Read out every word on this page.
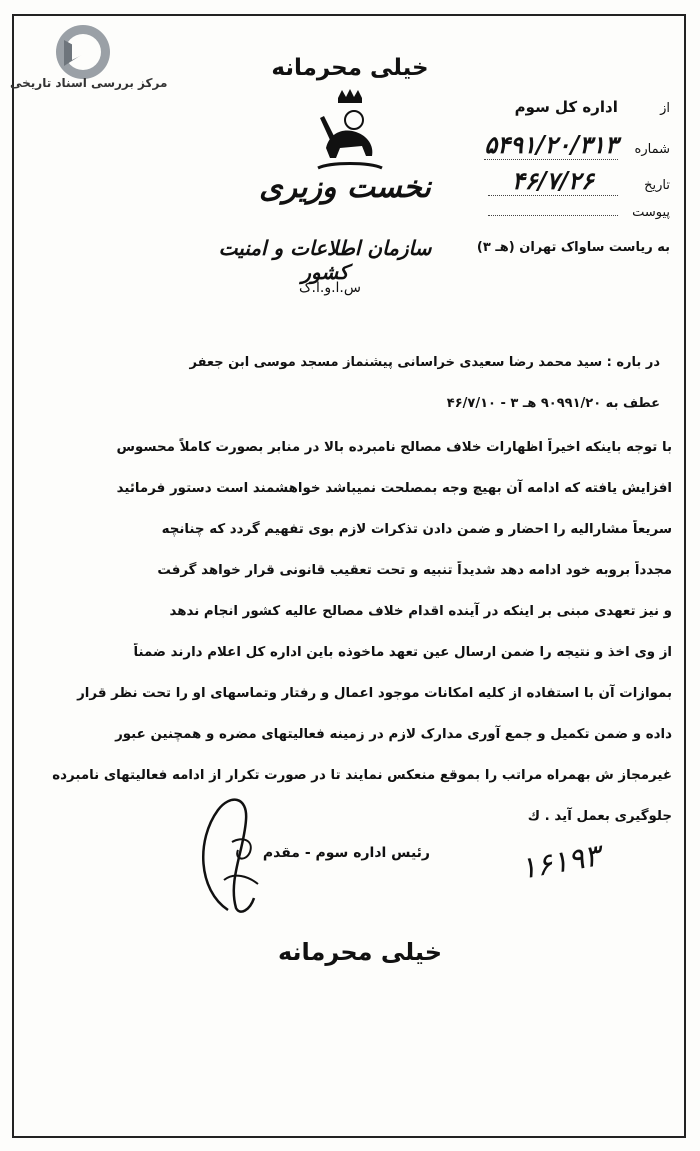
مرکز بررسی اسناد تاریخی
خیلی محرمانه
نخست وزیری
سازمان اطلاعات و امنیت کشور
س.ا.و.ا.ک
از اداره کل سوم
شماره ۵۴۹۱/۲۰/۳۱۳
تاریخ ۴۶/۷/۲۶
پیوست
به ریاست ساواک تهران (هـ ۳)
در باره : سید محمد رضا سعیدی خراسانی پیشنماز مسجد موسی ابن جعفر
عطف به ۹۰۹۹۱/۲۰ هـ ۳ - ۴۶/۷/۱۰

با توجه باینکه اخیراً اظهارات خلاف مصالح نامبرده بالا در منابر بصورت کاملاً محسوس

افزایش یافته که ادامه آن بهیچ وجه بمصلحت نمیباشد خواهشمند است دستور فرمائید

سریعاً مشارالیه را احضار و ضمن دادن تذکرات لازم بوی تفهیم گردد که چنانچه

مجدداً بروبه خود ادامه دهد شدیداً تنبیه و تحت تعقیب قانونی قرار خواهد گرفت

و نیز تعهدی مبنی بر اینکه در آینده اقدام خلاف مصالح عالیه کشور انجام ندهد

از وی اخذ و نتیجه را ضمن ارسال عین تعهد ماخوذه باین اداره کل اعلام دارند ضمناً

بموازات آن با استفاده از کلیه امکانات موجود اعمال و رفتار وتماسهای او را تحت نظر قرار

داده و ضمن تکمیل و جمع آوری مدارک لازم در زمینه فعالیتهای مضره و همچنین عبور

غیرمجاز ش بهمراه مراتب را بموقع منعکس نمایند تا در صورت تکرار از ادامه فعالیتهای نامبرده

جلوگیری بعمل آید . ك

رئیس اداره سوم - مقدم	۱۶۱۹۳
خیلی محرمانه
